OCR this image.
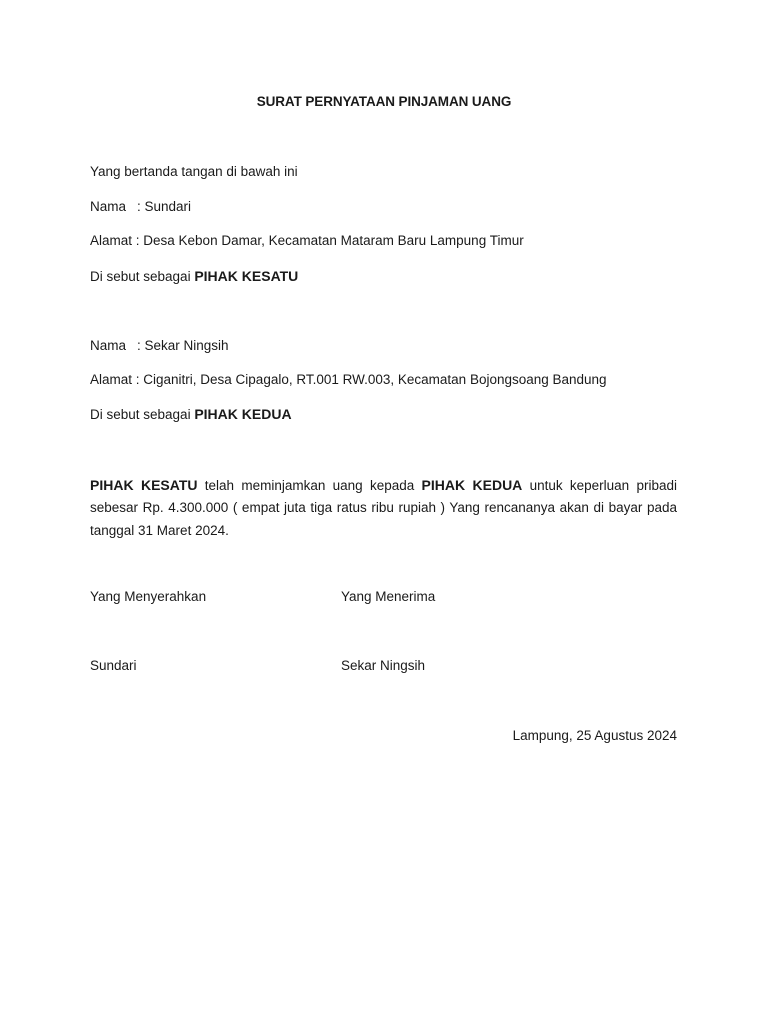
SURAT PERNYATAAN PINJAMAN UANG
Yang bertanda tangan di bawah ini
Nama : Sundari
Alamat : Desa Kebon Damar, Kecamatan Mataram Baru Lampung Timur
Di sebut sebagai PIHAK KESATU
Nama : Sekar Ningsih
Alamat : Ciganitri, Desa Cipagalo, RT.001 RW.003, Kecamatan Bojongsoang Bandung
Di sebut sebagai PIHAK KEDUA
PIHAK KESATU telah meminjamkan uang kepada PIHAK KEDUA untuk keperluan pribadi sebesar Rp. 4.300.000 ( empat juta tiga ratus ribu rupiah ) Yang rencananya akan di bayar pada tanggal 31 Maret 2024.
Yang Menyerahkan	Yang Menerima
Sundari	Sekar Ningsih
Lampung, 25 Agustus 2024
